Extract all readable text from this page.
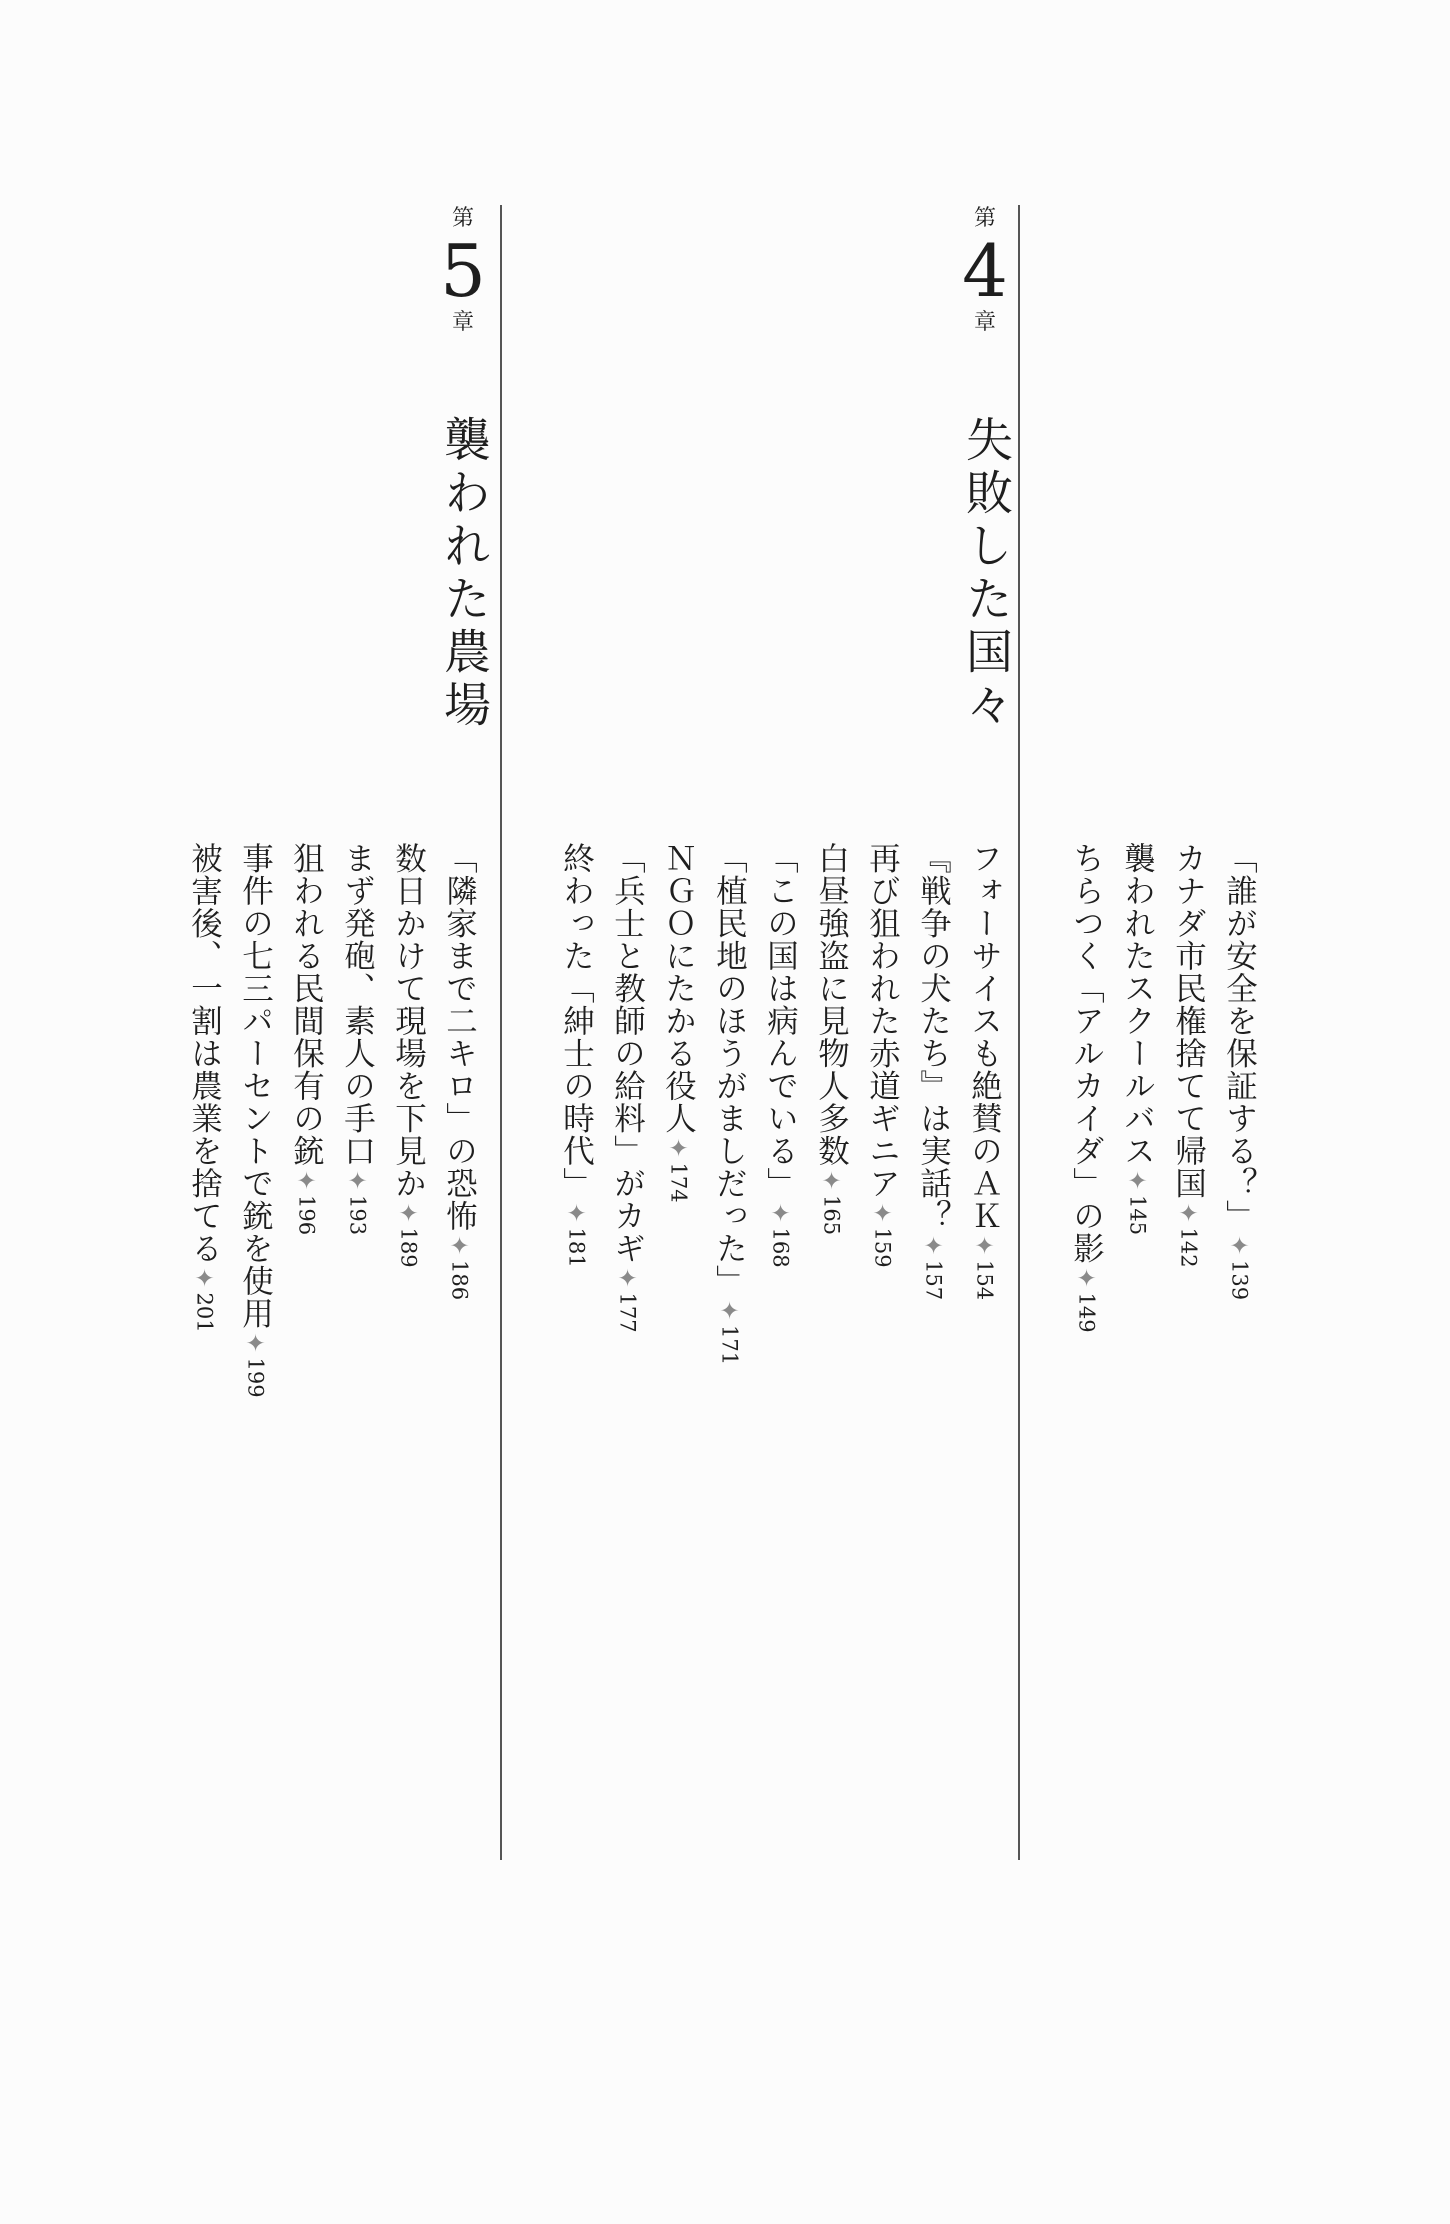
第
4
章
失敗した国々
「誰が安全を保証する？」✦139
カナダ市民権捨てて帰国✦142
襲われたスクールバス✦145
ちらつく「アルカイダ」の影✦149
フォーサイスも絶賛のＡＫ✦154
『戦争の犬たち』は実話？✦157
再び狙われた赤道ギニア✦159
白昼強盗に見物人多数✦165
「この国は病んでいる」✦168
「植民地のほうがましだった」✦171
ＮＧＯにたかる役人✦174
「兵士と教師の給料」がカギ✦177
終わった「紳士の時代」✦181
第
5
章
襲われた農場
「隣家まで二キロ」の恐怖✦186
数日かけて現場を下見か✦189
まず発砲、素人の手口✦193
狙われる民間保有の銃✦196
事件の七三パーセントで銃を使用✦199
被害後、一割は農業を捨てる✦201
